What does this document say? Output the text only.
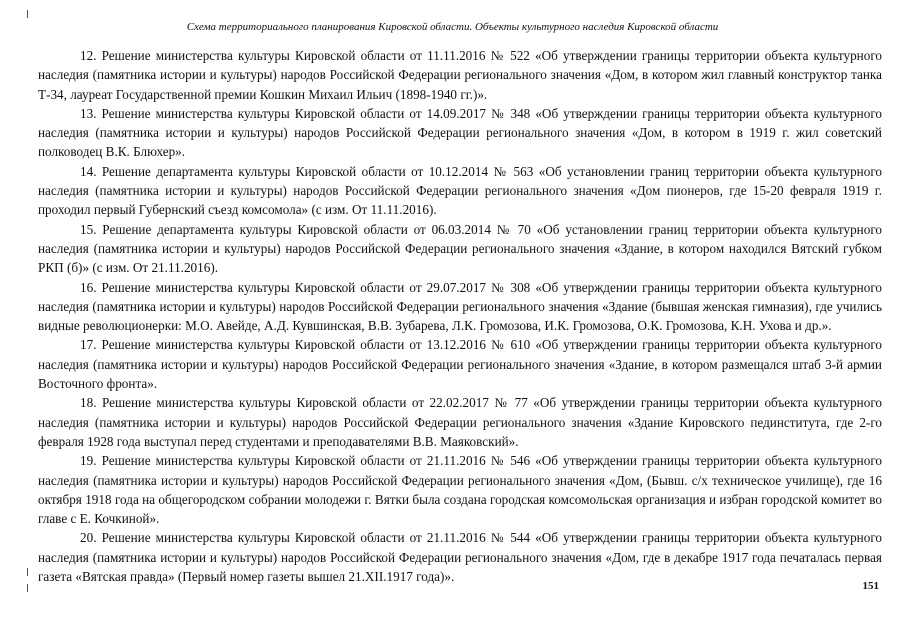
Схема территориального планирования Кировской области. Объекты культурного наследия Кировской области

12. Решение министерства культуры Кировской области от 11.11.2016 № 522 «Об утверждении границы территории объекта культурного наследия (памятника истории и культуры) народов Российской Федерации регионального значения «Дом, в котором жил главный конструктор танка Т-34, лауреат Государственной премии Кошкин Михаил Ильич (1898-1940 гг.)».

13. Решение министерства культуры Кировской области от 14.09.2017 № 348 «Об утверждении границы территории объекта культурного наследия (памятника истории и культуры) народов Российской Федерации регионального значения «Дом, в котором в 1919 г. жил советский полководец В.К. Блюхер».

14. Решение департамента культуры Кировской области от 10.12.2014 № 563 «Об установлении границ территории объекта культурного наследия (памятника истории и культуры) народов Российской Федерации регионального значения «Дом пионеров, где 15-20 февраля 1919 г. проходил первый Губернский съезд комсомола» (с изм. От 11.11.2016).

15. Решение департамента культуры Кировской области от 06.03.2014 № 70 «Об установлении границ территории объекта культурного наследия (памятника истории и культуры) народов Российской Федерации регионального значения «Здание, в котором находился Вятский губком РКП (б)» (с изм. От 21.11.2016).

16. Решение министерства культуры Кировской области от 29.07.2017 № 308 «Об утверждении границы территории объекта культурного наследия (памятника истории и культуры) народов Российской Федерации регионального значения «Здание (бывшая женская гимназия), где учились видные революционерки: М.О. Авейде, А.Д. Кувшинская, В.В. Зубарева, Л.К. Громозова, И.К. Громозова, О.К. Громозова, К.Н. Ухова и др.».

17. Решение министерства культуры Кировской области от 13.12.2016 № 610 «Об утверждении границы территории объекта культурного наследия (памятника истории и культуры) народов Российской Федерации регионального значения «Здание, в котором размещался штаб 3-й армии Восточного фронта».

18. Решение министерства культуры Кировской области от 22.02.2017 № 77 «Об утверждении границы территории объекта культурного наследия (памятника истории и культуры) народов Российской Федерации регионального значения «Здание Кировского пединститута, где 2-го февраля 1928 года выступал перед студентами и преподавателями В.В. Маяковский».

19. Решение министерства культуры Кировской области от 21.11.2016 № 546 «Об утверждении границы территории объекта культурного наследия (памятника истории и культуры) народов Российской Федерации регионального значения «Дом, (Бывш. с/х техническое училище), где 16 октября 1918 года на общегородском собрании молодежи г. Вятки была создана городская комсомольская организация и избран городской комитет во главе с Е. Кочкиной».

20. Решение министерства культуры Кировской области от 21.11.2016 № 544 «Об утверждении границы территории объекта культурного наследия (памятника истории и культуры) народов Российской Федерации регионального значения «Дом, где в декабре 1917 года печаталась первая газета «Вятская правда» (Первый номер газеты вышел 21.XII.1917 года)».

151
